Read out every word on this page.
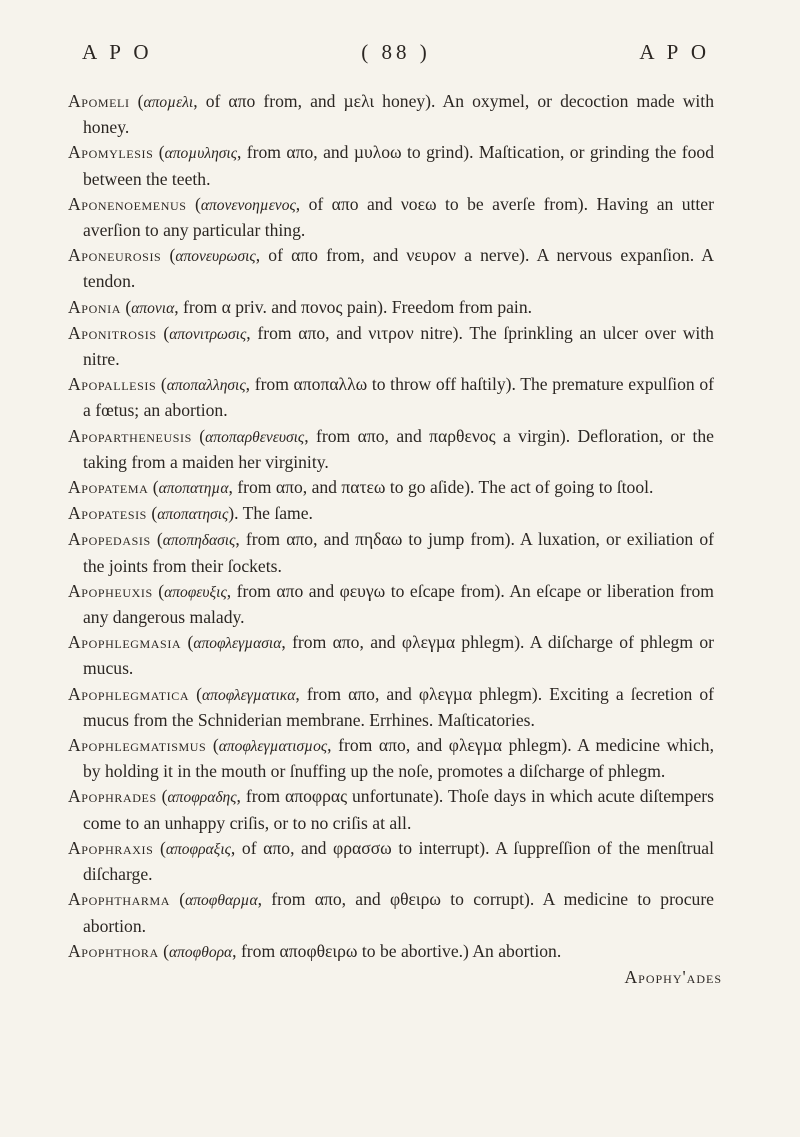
A P O	( 88 )	A P O

Apomeli (αποµελι, of απο from, and µελι honey). An oxymel, or decoction made with honey.

Apomylesis (αποµυλησις, from απο, and µυλοω to grind). Maſtication, or grinding the food between the teeth.

Aponenoemenus (απονενοηµενος, of απο and νοεω to be averſe from). Having an utter averſion to any particular thing.

Aponeurosis (απονευρωσις, of απο from, and νευρον a nerve). A nervous expanſion. A tendon.

Aponia (απονια, from α priv. and πονος pain). Freedom from pain.

Aponitrosis (απονιτρωσις, from απο, and νιτρον nitre). The ſprinkling an ulcer over with nitre.

Apopallesis (αποπαλλησις, from αποπαλλω to throw off haſtily). The premature expulſion of a fœtus; an abortion.

Apopartheneusis (αποπαρθενευσις, from απο, and παρθενος a virgin). Defloration, or the taking from a maiden her virginity.

Apopatema (αποπατηµα, from απο, and πατεω to go aſide). The act of going to ſtool.

Apopatesis (αποπατησις). The ſame.

Apopedasis (αποπηδασις, from απο, and πηδαω to jump from). A luxation, or exiliation of the joints from their ſockets.

Apopheuxis (αποφευξις, from απο and φευγω to eſcape from). An eſcape or liberation from any dangerous malady.

Apophlegmasia (αποφλεγµασια, from απο, and φλεγµα phlegm). A diſcharge of phlegm or mucus.

Apophlegmatica (αποφλεγµατικα, from απο, and φλεγµα phlegm). Exciting a ſecretion of mucus from the Schniderian membrane. Errhines. Maſticatories.

Apophlegmatismus (αποφλεγµατισµος, from απο, and φλεγµα phlegm). A medicine which, by holding it in the mouth or ſnuffing up the noſe, promotes a diſcharge of phlegm.

Apophrades (αποφραδης, from αποφρας unfortunate). Thoſe days in which acute diſtempers come to an unhappy criſis, or to no criſis at all.

Apophraxis (αποφραξις, of απο, and φρασσω to interrupt). A ſuppreſſion of the menſtrual diſcharge.

Apophtharma (αποφθαρµα, from απο, and φθειρω to corrupt). A medicine to procure abortion.

Apophthora (αποφθορα, from αποφθειρω to be abortive.) An abortion.

Apophy'ades
